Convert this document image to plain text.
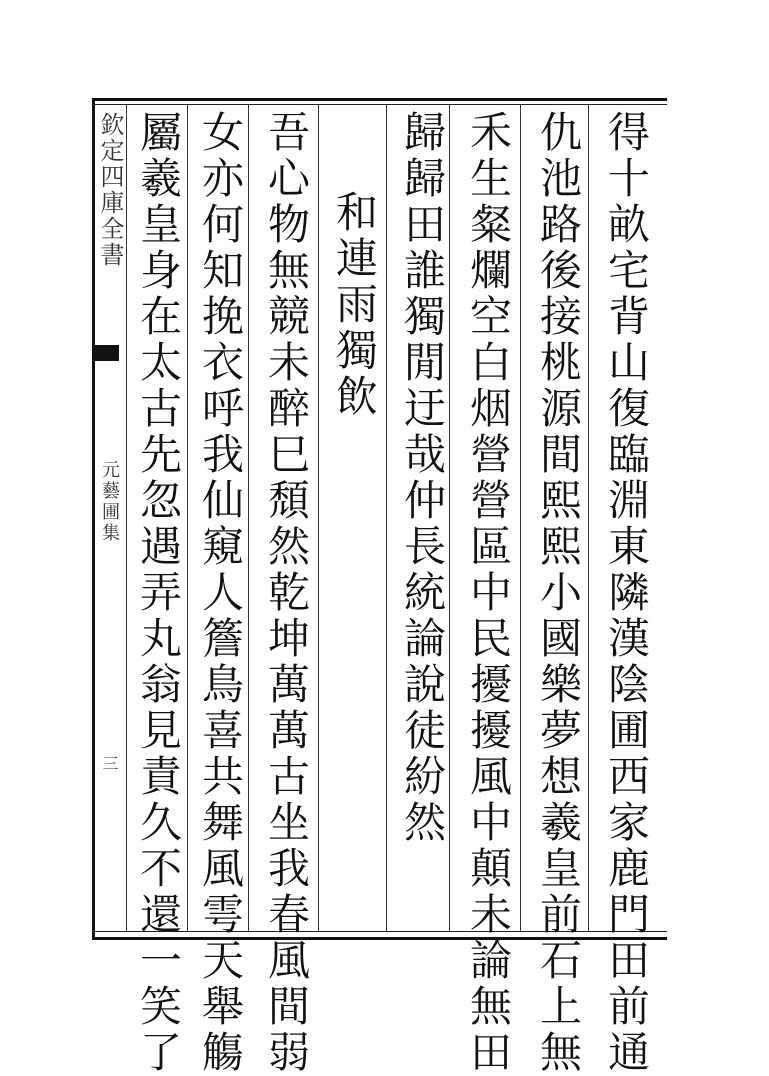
欽定四庫全書
元藝圃集
三	得十畝宅背山復臨淵東隣漢陰圃西家鹿門田前通
仇池路後接桃源間熙熙小國樂夢想羲皇前石上無
禾生粲爛空白烟營營區中民擾擾風中顛未論無田
歸歸田誰獨閒迂哉仲長統論說徒紛然
和連雨獨飲
吾心物無競未醉巳頹然乾坤萬萬古坐我春風間弱
女亦何知挽衣呼我仙窺人簷鳥喜共舞風雩天舉觴
屬羲皇身在太古先忽遇弄丸翁見責久不還一笑了
